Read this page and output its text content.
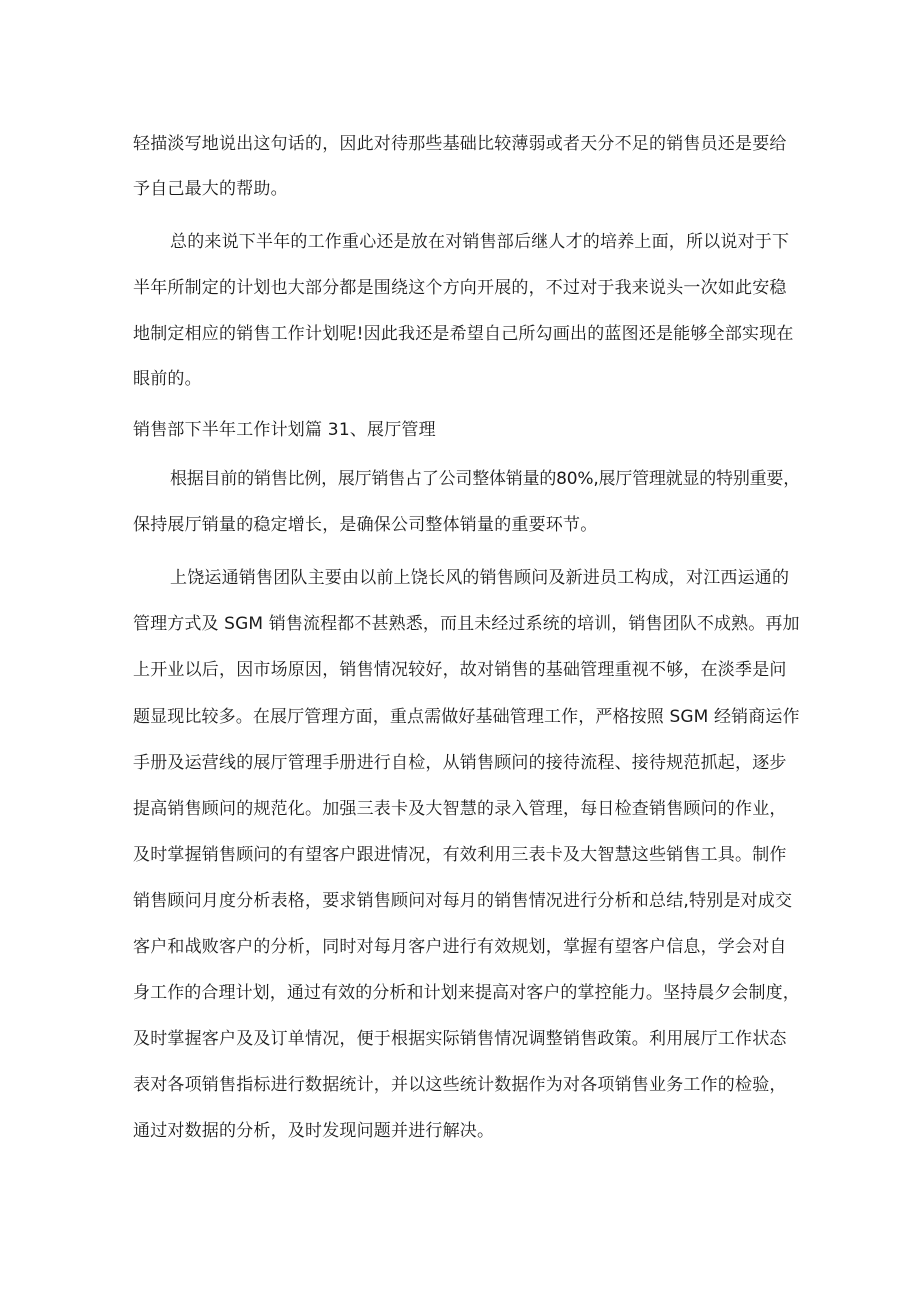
轻描淡写地说出这句话的，因此对待那些基础比较薄弱或者天分不足的销售员还是要给
予自己最大的帮助。
总的来说下半年的工作重心还是放在对销售部后继人才的培养上面，所以说对于下
半年所制定的计划也大部分都是围绕这个方向开展的，不过对于我来说头一次如此安稳
地制定相应的销售工作计划呢!因此我还是希望自己所勾画出的蓝图还是能够全部实现在
眼前的。
销售部下半年工作计划篇 31、展厅管理
根据目前的销售比例，展厅销售占了公司整体销量的80%,展厅管理就显的特别重要，
保持展厅销量的稳定增长，是确保公司整体销量的重要环节。
上饶运通销售团队主要由以前上饶长风的销售顾问及新进员工构成，对江西运通的
管理方式及 SGM 销售流程都不甚熟悉，而且未经过系统的培训，销售团队不成熟。再加
上开业以后，因市场原因，销售情况较好，故对销售的基础管理重视不够，在淡季是问
题显现比较多。在展厅管理方面，重点需做好基础管理工作，严格按照 SGM 经销商运作
手册及运营线的展厅管理手册进行自检，从销售顾问的接待流程、接待规范抓起，逐步
提高销售顾问的规范化。加强三表卡及大智慧的录入管理，每日检查销售顾问的作业，
及时掌握销售顾问的有望客户跟进情况，有效利用三表卡及大智慧这些销售工具。制作
销售顾问月度分析表格，要求销售顾问对每月的销售情况进行分析和总结,特别是对成交
客户和战败客户的分析，同时对每月客户进行有效规划，掌握有望客户信息，学会对自
身工作的合理计划，通过有效的分析和计划来提高对客户的掌控能力。坚持晨夕会制度，
及时掌握客户及及订单情况，便于根据实际销售情况调整销售政策。利用展厅工作状态
表对各项销售指标进行数据统计，并以这些统计数据作为对各项销售业务工作的检验，
通过对数据的分析，及时发现问题并进行解决。
